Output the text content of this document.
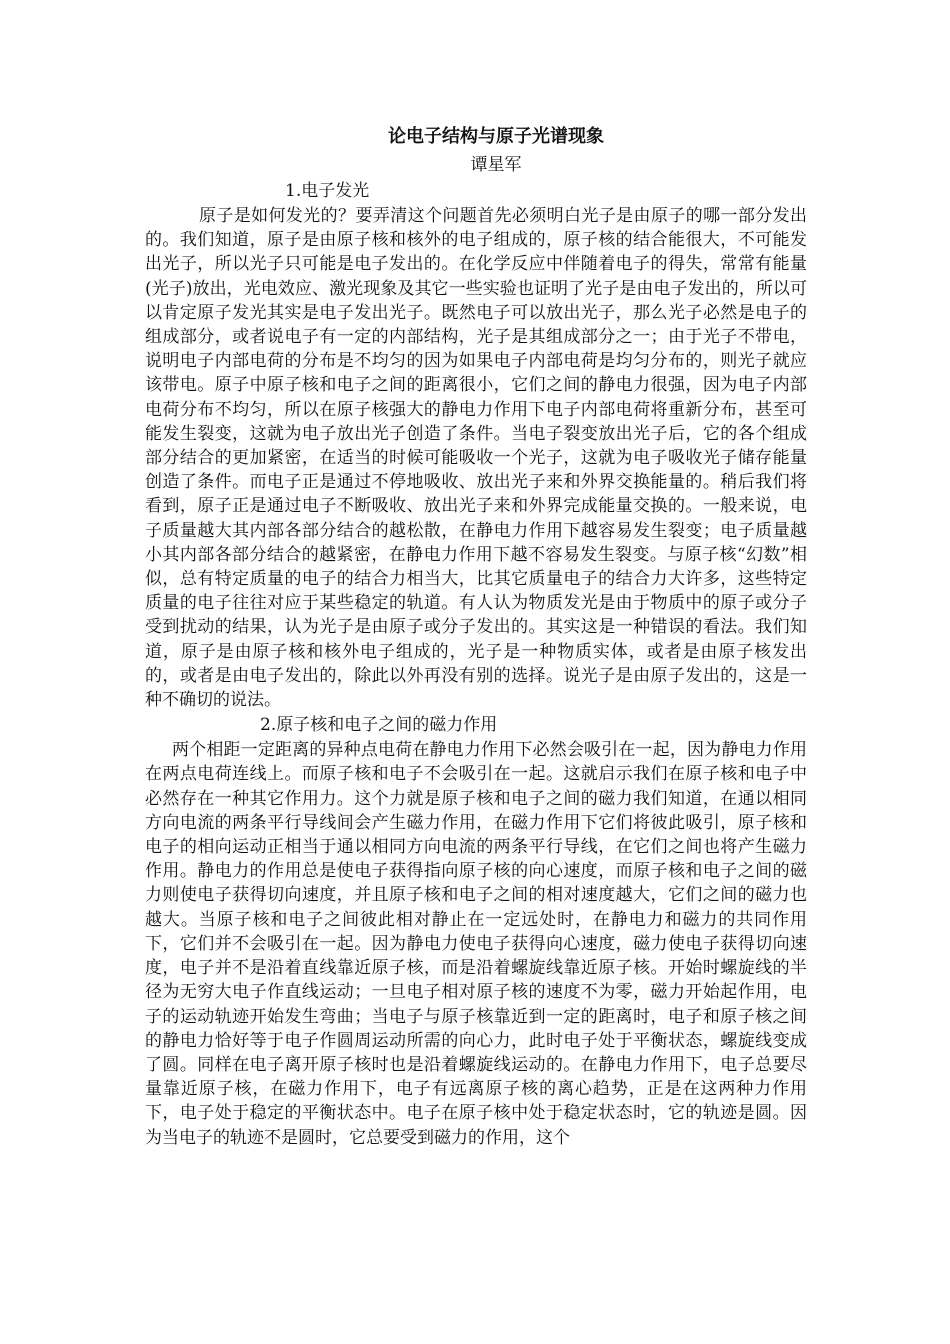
论电子结构与原子光谱现象

谭星军

1.电子发光

原子是如何发光的？要弄清这个问题首先必须明白光子是由原子的哪一部分发出的。我们知道，原子是由原子核和核外的电子组成的，原子核的结合能很大，不可能发出光子，所以光子只可能是电子发出的。在化学反应中伴随着电子的得失，常常有能量(光子)放出，光电效应、激光现象及其它一些实验也证明了光子是由电子发出的，所以可以肯定原子发光其实是电子发出光子。既然电子可以放出光子，那么光子必然是电子的组成部分，或者说电子有一定的内部结构，光子是其组成部分之一；由于光子不带电，说明电子内部电荷的分布是不均匀的因为如果电子内部电荷是均匀分布的，则光子就应该带电。原子中原子核和电子之间的距离很小，它们之间的静电力很强，因为电子内部电荷分布不均匀，所以在原子核强大的静电力作用下电子内部电荷将重新分布，甚至可能发生裂变，这就为电子放出光子创造了条件。当电子裂变放出光子后，它的各个组成部分结合的更加紧密，在适当的时候可能吸收一个光子，这就为电子吸收光子储存能量创造了条件。而电子正是通过不停地吸收、放出光子来和外界交换能量的。稍后我们将看到，原子正是通过电子不断吸收、放出光子来和外界完成能量交换的。一般来说，电子质量越大其内部各部分结合的越松散，在静电力作用下越容易发生裂变；电子质量越小其内部各部分结合的越紧密，在静电力作用下越不容易发生裂变。与原子核“幻数”相似，总有特定质量的电子的结合力相当大，比其它质量电子的结合力大许多，这些特定质量的电子往往对应于某些稳定的轨道。有人认为物质发光是由于物质中的原子或分子受到扰动的结果，认为光子是由原子或分子发出的。其实这是一种错误的看法。我们知道，原子是由原子核和核外电子组成的，光子是一种物质实体，或者是由原子核发出的，或者是由电子发出的，除此以外再没有别的选择。说光子是由原子发出的，这是一种不确切的说法。

2.原子核和电子之间的磁力作用

两个相距一定距离的异种点电荷在静电力作用下必然会吸引在一起，因为静电力作用在两点电荷连线上。而原子核和电子不会吸引在一起。这就启示我们在原子核和电子中必然存在一种其它作用力。这个力就是原子核和电子之间的磁力我们知道，在通以相同方向电流的两条平行导线间会产生磁力作用，在磁力作用下它们将彼此吸引，原子核和电子的相向运动正相当于通以相同方向电流的两条平行导线，在它们之间也将产生磁力作用。静电力的作用总是使电子获得指向原子核的向心速度，而原子核和电子之间的磁力则使电子获得切向速度，并且原子核和电子之间的相对速度越大，它们之间的磁力也越大。当原子核和电子之间彼此相对静止在一定远处时，在静电力和磁力的共同作用下，它们并不会吸引在一起。因为静电力使电子获得向心速度，磁力使电子获得切向速度，电子并不是沿着直线靠近原子核，而是沿着螺旋线靠近原子核。开始时螺旋线的半径为无穷大电子作直线运动；一旦电子相对原子核的速度不为零，磁力开始起作用，电子的运动轨迹开始发生弯曲；当电子与原子核靠近到一定的距离时，电子和原子核之间的静电力恰好等于电子作圆周运动所需的向心力，此时电子处于平衡状态，螺旋线变成了圆。同样在电子离开原子核时也是沿着螺旋线运动的。在静电力作用下，电子总要尽量靠近原子核，在磁力作用下，电子有远离原子核的离心趋势，正是在这两种力作用下，电子处于稳定的平衡状态中。电子在原子核中处于稳定状态时，它的轨迹是圆。因为当电子的轨迹不是圆时，它总要受到磁力的作用，这个
